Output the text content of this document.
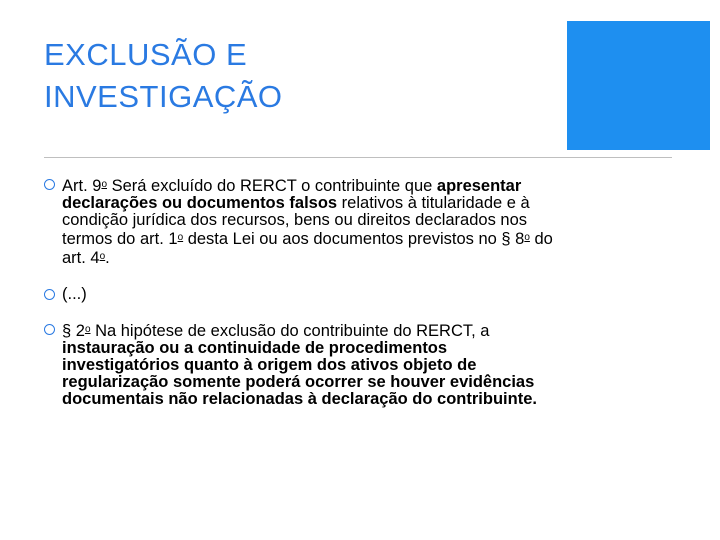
EXCLUSÃO E
INVESTIGAÇÃO
Art. 9$^o$ Será excluído do RERCT o contribuinte que apresentar declarações ou documentos falsos relativos à titularidade e à condição jurídica dos recursos, bens ou direitos declarados nos termos do art. 1$^o$ desta Lei ou aos documentos previstos no § 8$^o$ do art. 4$^o$.
(...)
§ 2$^o$ Na hipótese de exclusão do contribuinte do RERCT, a instauração ou a continuidade de procedimentos investigatórios quanto à origem dos ativos objeto de regularização somente poderá ocorrer se houver evidências documentais não relacionadas à declaração do contribuinte.
